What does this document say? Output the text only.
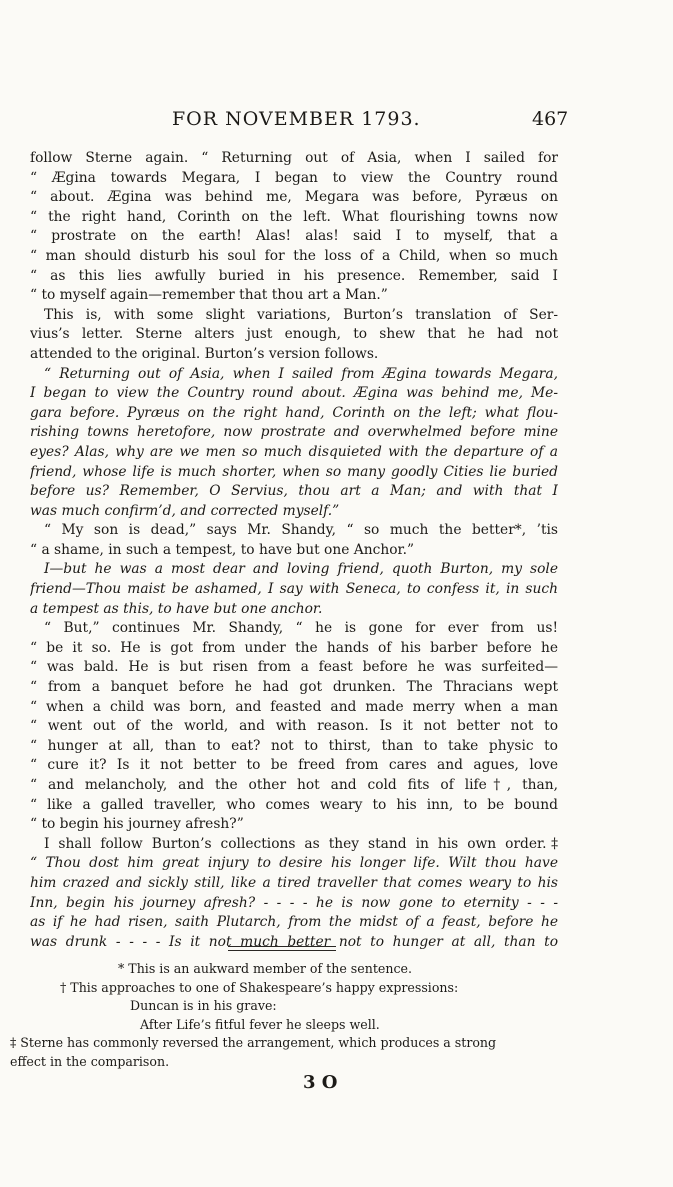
FOR NOVEMBER 1793.	467
follow Sterne again. “ Returning out of Asia, when I sailed for
“ Ægina towards Megara, I began to view the Country round
“ about. Ægina was behind me, Megara was before, Pyræus on
“ the right hand, Corinth on the left. What flourishing towns now
“ prostrate on the earth! Alas! alas! said I to myself, that a
“ man should disturb his soul for the loss of a Child, when so much
“ as this lies awfully buried in his presence. Remember, said I
“ to myself again—remember that thou art a Man.”
This is, with some slight variations, Burton’s translation of Ser-
vius’s letter. Sterne alters just enough, to shew that he had not
attended to the original. Burton’s version follows.
“ Returning out of Asia, when I sailed from Ægina towards Megara,
I began to view the Country round about. Ægina was behind me, Me-
gara before. Pyræus on the right hand, Corinth on the left; what flou-
rishing towns heretofore, now prostrate and overwhelmed before mine
eyes? Alas, why are we men so much disquieted with the departure of a
friend, whose life is much shorter, when so many goodly Cities lie buried
before us? Remember, O Servius, thou art a Man; and with that I
was much confirm’d, and corrected myself.”
“ My son is dead,” says Mr. Shandy, “ so much the better*, ’tis
“ a shame, in such a tempest, to have but one Anchor.”
I—but he was a most dear and loving friend, quoth Burton, my sole
friend—Thou maist be ashamed, I say with Seneca, to confess it, in such
a tempest as this, to have but one anchor.
“ But,” continues Mr. Shandy, “ he is gone for ever from us!
“ be it so. He is got from under the hands of his barber before he
“ was bald. He is but risen from a feast before he was surfeited—
“ from a banquet before he had got drunken. The Thracians wept
“ when a child was born, and feasted and made merry when a man
“ went out of the world, and with reason. Is it not better not to
“ hunger at all, than to eat? not to thirst, than to take physic to
“ cure it? Is it not better to be freed from cares and agues, love
“ and melancholy, and the other hot and cold fits of life†, than,
“ like a galled traveller, who comes weary to his inn, to be bound
“ to begin his journey afresh?”
I shall follow Burton’s collections as they stand in his own order.‡
“ Thou dost him great injury to desire his longer life. Wilt thou have
him crazed and sickly still, like a tired traveller that comes weary to his
Inn, begin his journey afresh? - - - - he is now gone to eternity - - -
as if he had risen, saith Plutarch, from the midst of a feast, before he
was drunk - - - - Is it not much better not to hunger at all, than to
* This is an aukward member of the sentence.
† This approaches to one of Shakespeare’s happy expressions:
Duncan is in his grave:
After Life’s fitful fever he sleeps well.
‡ Sterne has commonly reversed the arrangement, which produces a strong
effect in the comparison.
3 O
